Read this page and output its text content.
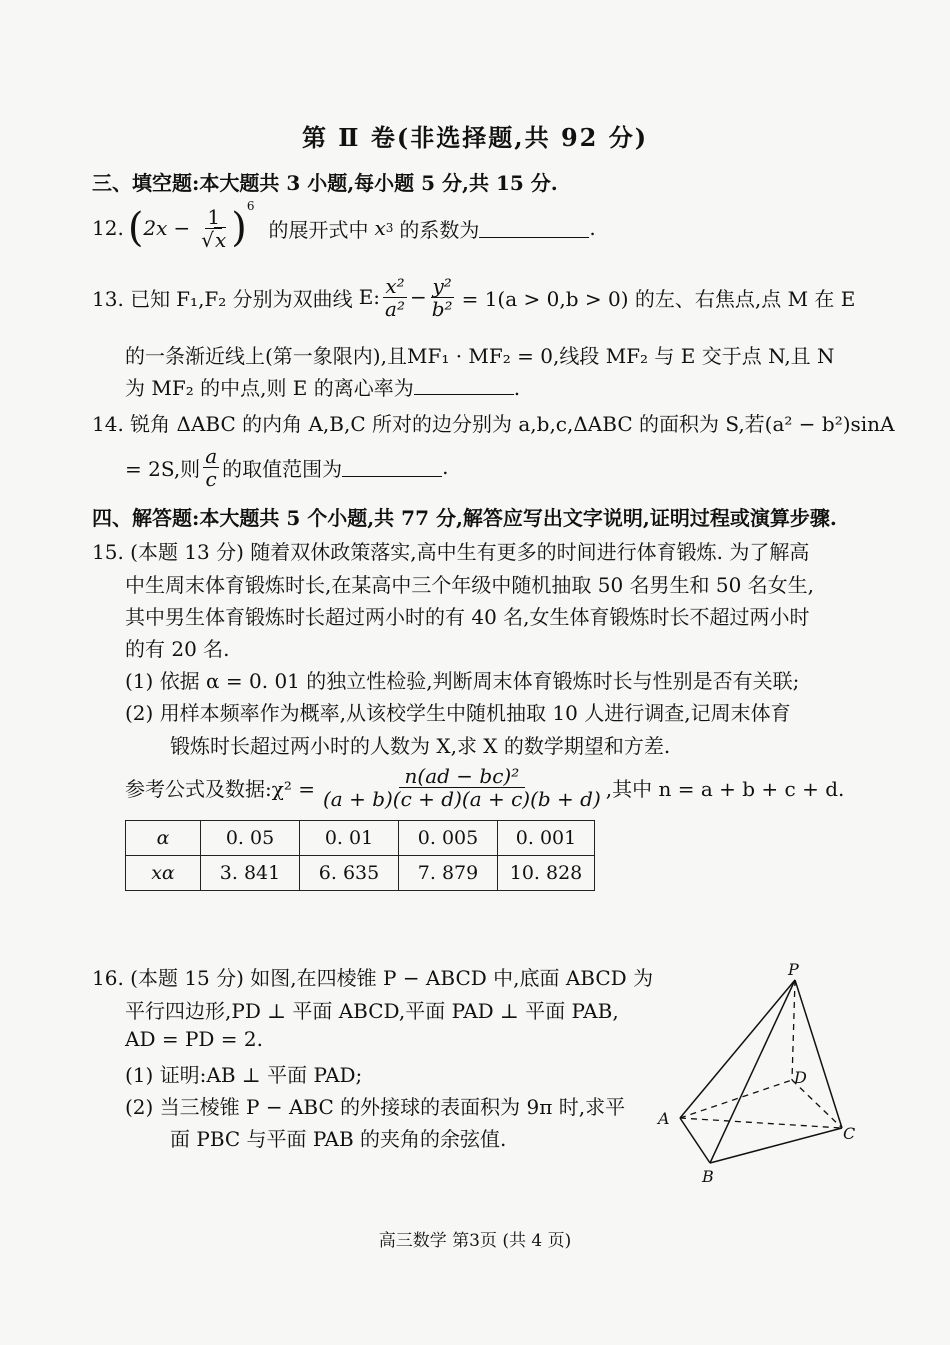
第 Ⅱ 卷(非选择题,共 92 分)
三、填空题:本大题共 3 小题,每小题 5 分,共 15 分.
12. ( $2x - \frac{1}{√x}$ ) 6
的展开式中 x 3 的系数为	.
13. 已知 F₁,F₂ 分别为双曲线 E: $\frac{\text{x²}}{\text{a²}} - \frac{\text{y²}}{\text{b²}} = 1(a > 0,b > 0)$ 的左、右焦点,点 M 在 E
的一条渐近线上(第一象限内),且MF₁ · MF₂ = 0,线段 MF₂ 与 E 交于点 N,且 N
为 MF₂ 的中点,则 E 的离心率为	.
14. 锐角 ΔABC 的内角 A,B,C 所对的边分别为 a,b,c,ΔABC 的面积为 S,若(a² − b²)sinA
= 2S,则 $\frac{a}{c}$ 的取值范围为	.
四、解答题:本大题共 5 个小题,共 77 分,解答应写出文字说明,证明过程或演算步骤.
15. (本题 13 分) 随着双休政策落实,高中生有更多的时间进行体育锻炼. 为了解高
中生周末体育锻炼时长,在某高中三个年级中随机抽取 50 名男生和 50 名女生,
其中男生体育锻炼时长超过两小时的有 40 名,女生体育锻炼时长不超过两小时
的有 20 名.
(1) 依据 α = 0. 01 的独立性检验,判断周末体育锻炼时长与性别是否有关联;
(2) 用样本频率作为概率,从该校学生中随机抽取 10 人进行调查,记周末体育
锻炼时长超过两小时的人数为 X,求 X 的数学期望和方差.
参考公式及数据:χ² = $\frac{\text{n(ad − bc)²}}{(a + b)(c + d)(a + c)(b + d)}$ ,其中 n = a + b + c + d.
α	0. 05	0. 01	0. 005	0. 001
xα	3. 841	6. 635	7. 879	10. 828
16. (本题 15 分) 如图,在四棱锥 P − ABCD 中,底面 ABCD 为
平行四边形,PD ⊥ 平面 ABCD,平面 PAD ⊥ 平面 PAB,
AD = PD = 2.
(1) 证明:AB ⊥ 平面 PAD;
(2) 当三棱锥 P − ABC 的外接球的表面积为 9π 时,求平
面 PBC 与平面 PAB 的夹角的余弦值.
P
A
B
C
D
高三数学 第3页 (共 4 页)
